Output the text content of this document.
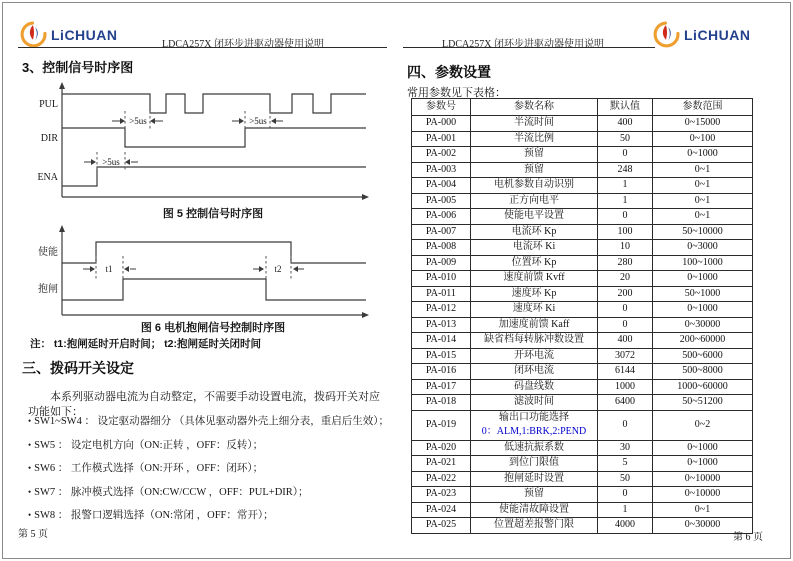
LiCHUAN
LDCA257X 闭环步进驱动器使用说明
3、控制信号时序图
PUL
DIR
ENA
>5us	>5us
>5us
图 5 控制信号时序图
使能
抱闸
t1	t2
图 6 电机抱闸信号控制时序图
注： t1:抱闸延时开启时间； t2:抱闸延时关闭时间
三、拨码开关设定
本系列驱动器电流为自动整定，不需要手动设置电流，拨码开关对应功能如下：
• SW1~SW4 ： 设定驱动器细分 （具体见驱动器外壳上细分表，重启后生效）；
• SW5 ： 设定电机方向（ON:正转 ，OFF：反转）；
• SW6 ： 工作模式选择（ON:开环 ，OFF：闭环）；
• SW7 ： 脉冲模式选择（ON:CW/CCW ，OFF：PUL+DIR）；
• SW8 ： 报警口逻辑选择（ON:常闭 ，OFF：常开）；
第 5 页
LDCA257X 闭环步进驱动器使用说明
LiCHUAN
四、参数设置
常用参数见下表格：
参数号	参数名称	默认值	参数范围
PA-000	半流时间	400	0~15000
PA-001	半流比例	50	0~100
PA-002	预留	0	0~1000
PA-003	预留	248	0~1
PA-004	电机参数自动识别	1	0~1
PA-005	正方向电平	1	0~1
PA-006	使能电平设置	0	0~1
PA-007	电流环 Kp	100	50~10000
PA-008	电流环 Ki	10	0~3000
PA-009	位置环 Kp	280	100~1000
PA-010	速度前馈 Kvff	20	0~1000
PA-011	速度环 Kp	200	50~1000
PA-012	速度环 Ki	0	0~1000
PA-013	加速度前馈 Kaff	0	0~30000
PA-014	缺省档每转脉冲数设置	400	200~60000
PA-015	开环电流	3072	500~6000
PA-016	闭环电流	6144	500~8000
PA-017	码盘线数	1000	1000~60000
PA-018	滤波时间	6400	50~51200
PA-019	输出口功能选择
0：ALM,1:BRK,2:PEND	0	0~2
PA-020	低速抗振系数	30	0~1000
PA-021	到位门限值	5	0~1000
PA-022	抱闸延时设置	50	0~10000
PA-023	预留	0	0~10000
PA-024	使能清故障设置	1	0~1
PA-025	位置超差报警门限	4000	0~30000
第 6 页
